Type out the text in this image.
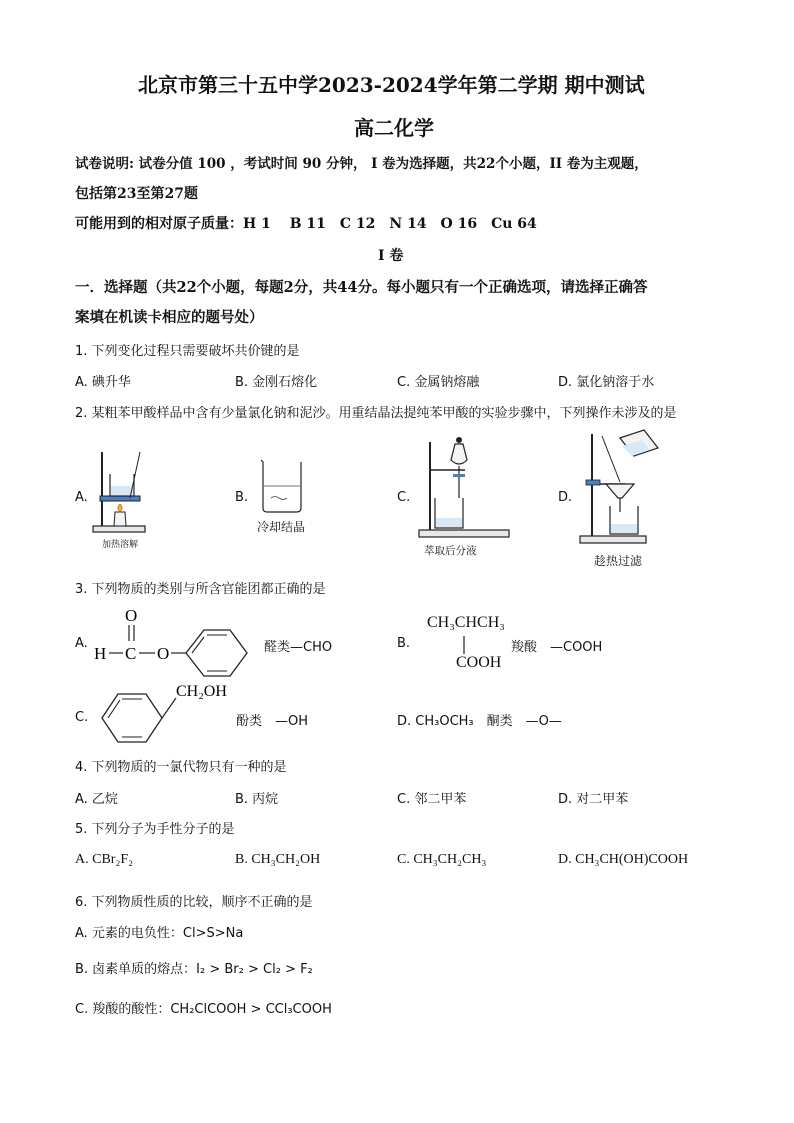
北京市第三十五中学2023-2024学年第二学期 期中测试
高二化学
试卷说明: 试卷分值 100 ，考试时间 90 分钟， I 卷为选择题，共22个小题，II 卷为主观题，
包括第23至第27题
可能用到的相对原子质量：H 1　 B 11　C 12　N 14　O 16　Cu 64
I 卷
一．选择题（共22个小题，每题2分，共44分。每小题只有一个正确选项，请选择正确答
案填在机读卡相应的题号处）
1. 下列变化过程只需要破坏共价键的是
A. 碘升华	B. 金刚石熔化	C. 金属钠熔融	D. 氯化钠溶于水
2. 某粗苯甲酸样品中含有少量氯化钠和泥沙。用重结晶法提纯苯甲酸的实验步骤中，下列操作未涉及的是
A.
加热溶解
B.
冷却结晶
C.
萃取后分液
D.
趁热过滤
3. 下列物质的类别与所含官能团都正确的是
A.
O
H C O	醛类—CHO	B.
CH₃CHCH₃
COOH
羧酸　—COOH
C.
CH₂OH
酚类　—OH	D. CH₃OCH₃　酮类　—O—
4. 下列物质的一氯代物只有一种的是
A. 乙烷	B. 丙烷	C. 邻二甲苯	D. 对二甲苯
5. 下列分子为手性分子的是
A. CBr₂F₂	B. CH₃CH₂OH	C. CH₃CH₂CH₃	D. CH₃CH(OH)COOH
6. 下列物质性质的比较，顺序不正确的是
A. 元素的电负性：Cl>S>Na
B. 卤素单质的熔点：I₂ > Br₂ > Cl₂ > F₂
C. 羧酸的酸性：CH₂ClCOOH > CCl₃COOH
